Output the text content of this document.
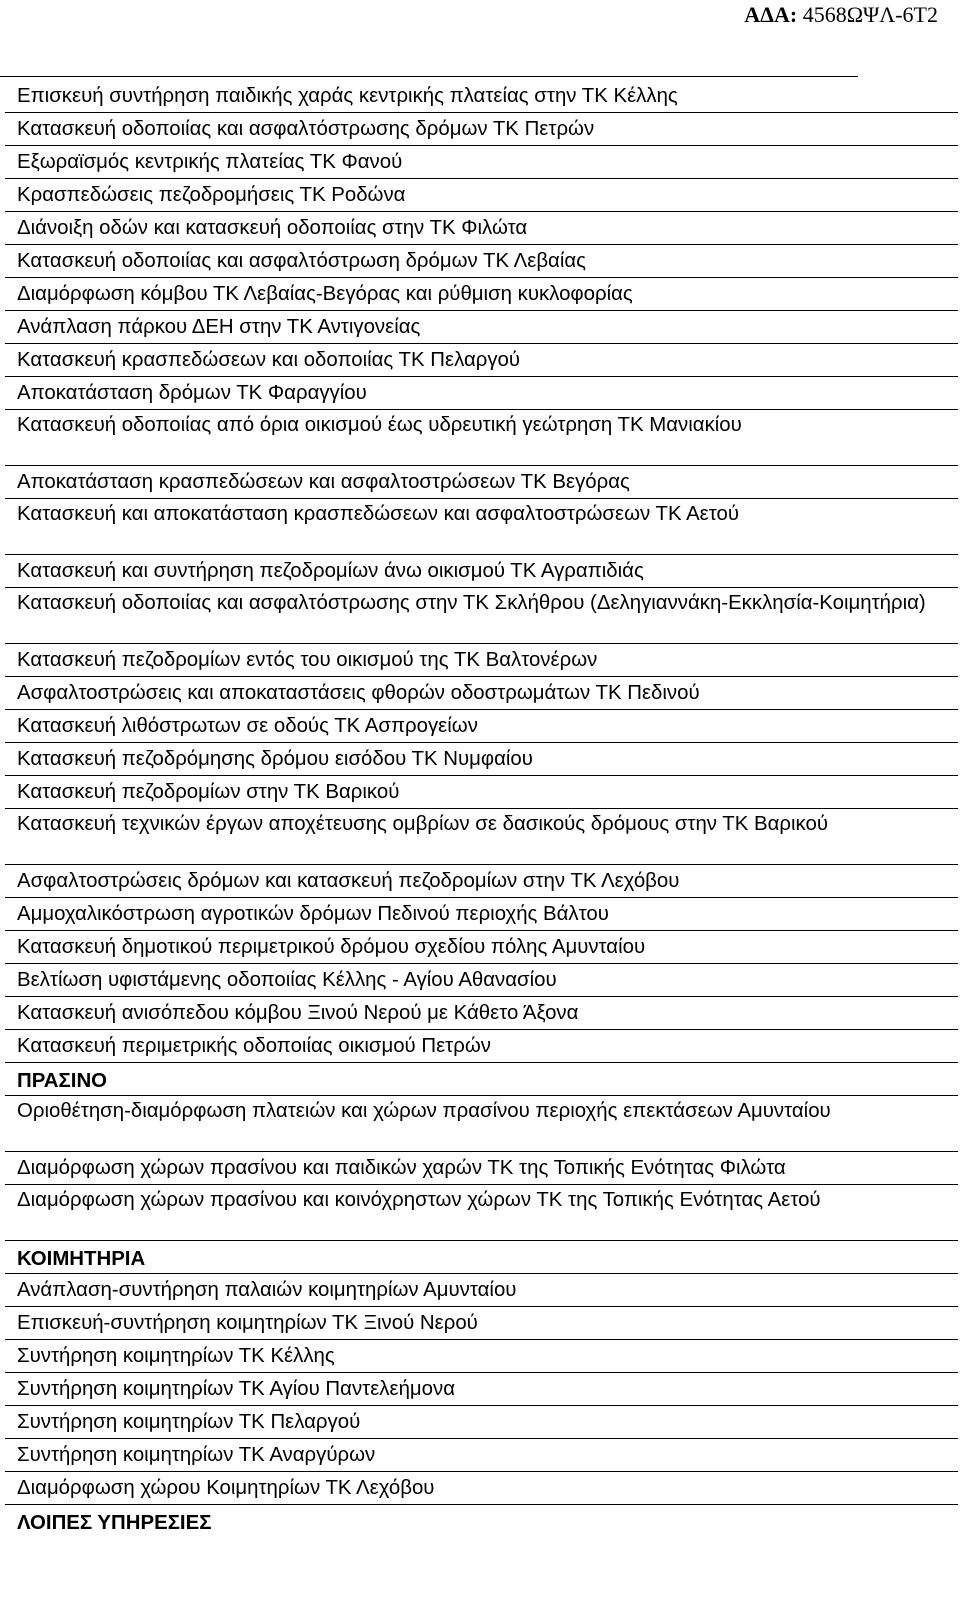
ΑΔΑ: 4568ΩΨΛ-6Τ2
Επισκευή συντήρηση παιδικής χαράς κεντρικής πλατείας στην ΤΚ Κέλλης
Κατασκευή οδοποιίας και ασφαλτόστρωσης δρόμων ΤΚ Πετρών
Εξωραϊσμός κεντρικής πλατείας ΤΚ Φανού
Κρασπεδώσεις πεζοδρομήσεις ΤΚ Ροδώνα
Διάνοιξη οδών και κατασκευή οδοποιίας στην ΤΚ Φιλώτα
Κατασκευή οδοποιίας και ασφαλτόστρωση δρόμων ΤΚ Λεβαίας
Διαμόρφωση κόμβου ΤΚ Λεβαίας-Βεγόρας και ρύθμιση κυκλοφορίας
Ανάπλαση πάρκου ΔΕΗ στην ΤΚ Αντιγονείας
Κατασκευή κρασπεδώσεων και οδοποιίας ΤΚ Πελαργού
Αποκατάσταση δρόμων ΤΚ Φαραγγίου
Κατασκευή οδοποιίας από όρια οικισμού έως υδρευτική γεώτρηση ΤΚ Μανιακίου
Αποκατάσταση κρασπεδώσεων και ασφαλτοστρώσεων ΤΚ Βεγόρας
Κατασκευή και αποκατάσταση κρασπεδώσεων και ασφαλτοστρώσεων ΤΚ Αετού
Κατασκευή και συντήρηση πεζοδρομίων άνω οικισμού ΤΚ Αγραπιδιάς
Κατασκευή οδοποιίας και ασφαλτόστρωσης στην ΤΚ Σκλήθρου (Δεληγιαννάκη-Εκκλησία-Κοιμητήρια)
Κατασκευή πεζοδρομίων εντός του οικισμού της ΤΚ Βαλτονέρων
Ασφαλτοστρώσεις και αποκαταστάσεις φθορών οδοστρωμάτων ΤΚ Πεδινού
Κατασκευή λιθόστρωτων σε οδούς ΤΚ Ασπρογείων
Κατασκευή πεζοδρόμησης δρόμου εισόδου ΤΚ Νυμφαίου
Κατασκευή πεζοδρομίων στην ΤΚ Βαρικού
Κατασκευή τεχνικών έργων αποχέτευσης ομβρίων σε δασικούς δρόμους στην ΤΚ Βαρικού
Ασφαλτοστρώσεις δρόμων και κατασκευή πεζοδρομίων στην ΤΚ Λεχόβου
Αμμοχαλικόστρωση αγροτικών δρόμων Πεδινού περιοχής Βάλτου
Κατασκευή δημοτικού περιμετρικού δρόμου σχεδίου πόλης Αμυνταίου
Βελτίωση υφιστάμενης οδοποιίας Κέλλης - Αγίου Αθανασίου
Κατασκευή ανισόπεδου κόμβου Ξινού Νερού με Κάθετο Άξονα
Κατασκευή περιμετρικής οδοποιίας οικισμού Πετρών
ΠΡΑΣΙΝΟ
Οριοθέτηση-διαμόρφωση πλατειών και χώρων πρασίνου περιοχής επεκτάσεων Αμυνταίου
Διαμόρφωση χώρων πρασίνου και παιδικών χαρών ΤΚ της Τοπικής Ενότητας Φιλώτα
Διαμόρφωση χώρων πρασίνου και κοινόχρηστων χώρων ΤΚ της Τοπικής Ενότητας Αετού
ΚΟΙΜΗΤΗΡΙΑ
Ανάπλαση-συντήρηση παλαιών κοιμητηρίων Αμυνταίου
Επισκευή-συντήρηση κοιμητηρίων ΤΚ Ξινού Νερού
Συντήρηση κοιμητηρίων ΤΚ Κέλλης
Συντήρηση κοιμητηρίων ΤΚ Αγίου Παντελεήμονα
Συντήρηση κοιμητηρίων ΤΚ Πελαργού
Συντήρηση κοιμητηρίων ΤΚ Αναργύρων
Διαμόρφωση χώρου Κοιμητηρίων ΤΚ Λεχόβου
ΛΟΙΠΕΣ ΥΠΗΡΕΣΙΕΣ
